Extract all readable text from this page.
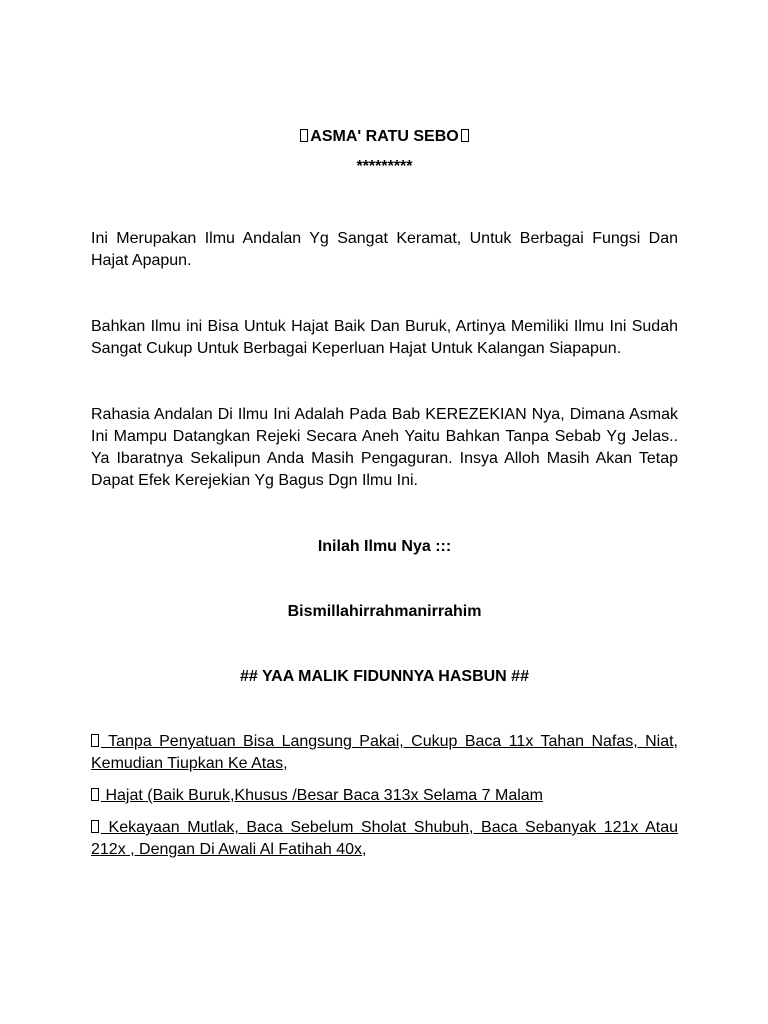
ASMA' RATU SEBO

*********

Ini Merupakan Ilmu Andalan Yg Sangat Keramat, Untuk Berbagai Fungsi Dan Hajat Apapun.

Bahkan Ilmu ini Bisa Untuk Hajat Baik Dan Buruk, Artinya Memiliki Ilmu Ini Sudah Sangat Cukup Untuk Berbagai Keperluan Hajat Untuk Kalangan Siapapun.

Rahasia Andalan Di Ilmu Ini Adalah Pada Bab KEREZEKIAN Nya, Dimana Asmak Ini Mampu Datangkan Rejeki Secara Aneh Yaitu Bahkan Tanpa Sebab Yg Jelas.. Ya Ibaratnya Sekalipun Anda Masih Pengaguran. Insya Alloh Masih Akan Tetap Dapat Efek Kerejekian Yg Bagus Dgn Ilmu Ini.

Inilah Ilmu Nya :::

Bismillahirrahmanirrahim

## YAA MALIK FIDUNNYA HASBUN ##

Tanpa Penyatuan Bisa Langsung Pakai, Cukup Baca 11x Tahan Nafas, Niat, Kemudian Tiupkan Ke Atas,

Hajat (Baik Buruk,Khusus /Besar Baca 313x Selama 7 Malam

Kekayaan Mutlak, Baca Sebelum Sholat Shubuh, Baca Sebanyak 121x Atau 212x , Dengan Di Awali Al Fatihah 40x,
